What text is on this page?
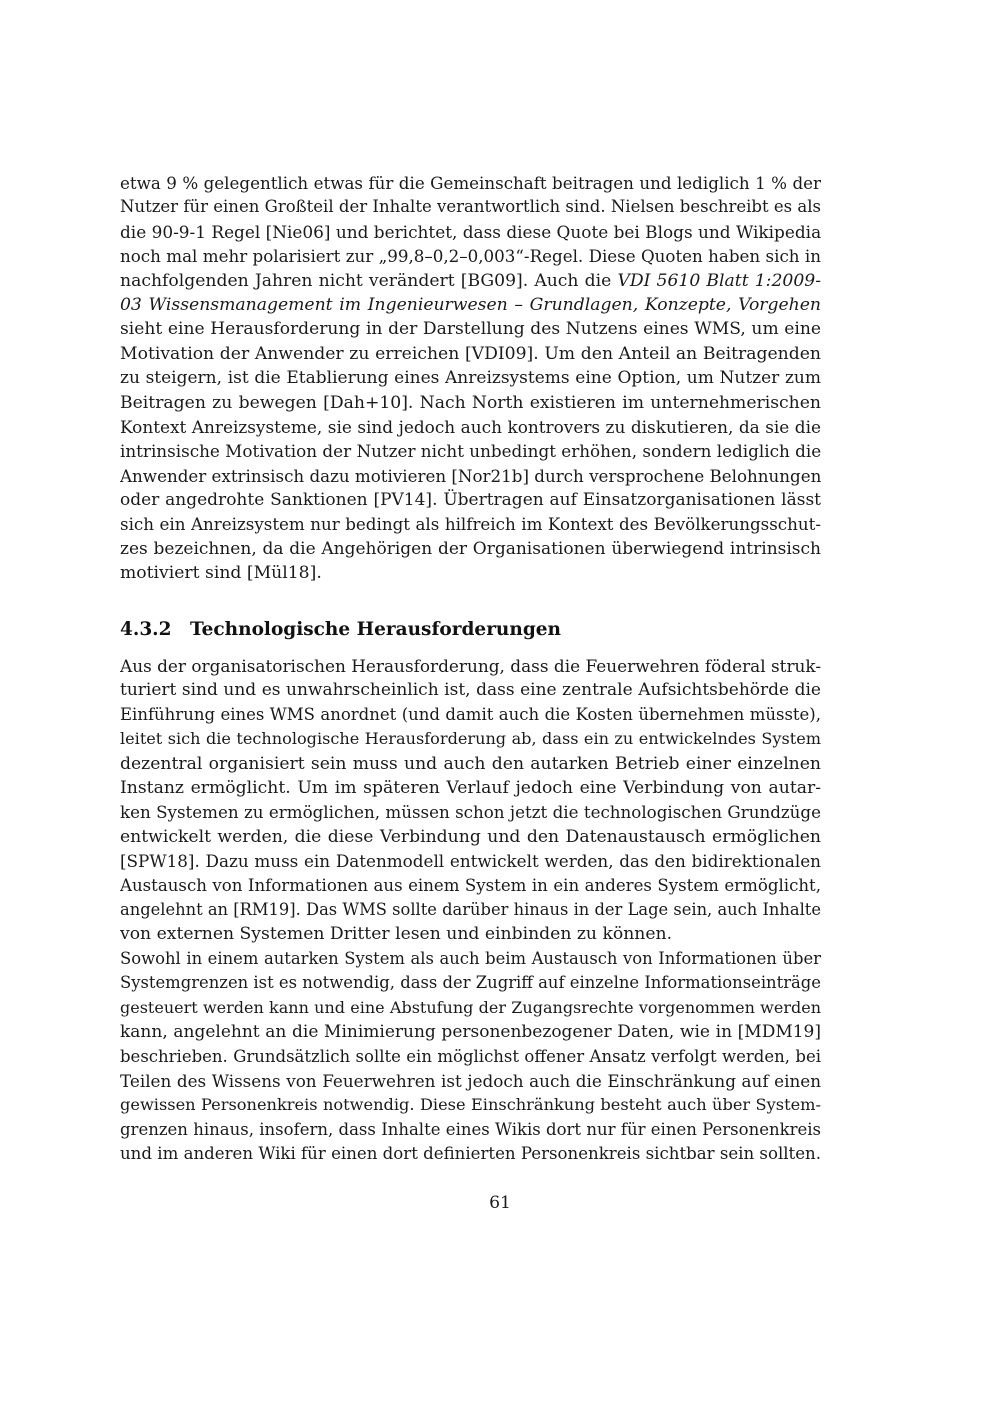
etwa 9 % gelegentlich etwas für die Gemeinschaft beitragen und lediglich 1 % der
Nutzer für einen Großteil der Inhalte verantwortlich sind. Nielsen beschreibt es als
die 90-9-1 Regel [Nie06] und berichtet, dass diese Quote bei Blogs und Wikipedia
noch mal mehr polarisiert zur „99,8–0,2–0,003“-Regel. Diese Quoten haben sich in
nachfolgenden Jahren nicht verändert [BG09]. Auch die VDI 5610 Blatt 1:2009-
03 Wissensmanagement im Ingenieurwesen – Grundlagen, Konzepte, Vorgehen
sieht eine Herausforderung in der Darstellung des Nutzens eines WMS, um eine
Motivation der Anwender zu erreichen [VDI09]. Um den Anteil an Beitragenden
zu steigern, ist die Etablierung eines Anreizsystems eine Option, um Nutzer zum
Beitragen zu bewegen [Dah+10]. Nach North existieren im unternehmerischen
Kontext Anreizsysteme, sie sind jedoch auch kontrovers zu diskutieren, da sie die
intrinsische Motivation der Nutzer nicht unbedingt erhöhen, sondern lediglich die
Anwender extrinsisch dazu motivieren [Nor21b] durch versprochene Belohnungen
oder angedrohte Sanktionen [PV14]. Übertragen auf Einsatzorganisationen lässt
sich ein Anreizsystem nur bedingt als hilfreich im Kontext des Bevölkerungsschut-
zes bezeichnen, da die Angehörigen der Organisationen überwiegend intrinsisch
motiviert sind [Mül18].
4.3.2 Technologische Herausforderungen
Aus der organisatorischen Herausforderung, dass die Feuerwehren föderal struk-
turiert sind und es unwahrscheinlich ist, dass eine zentrale Aufsichtsbehörde die
Einführung eines WMS anordnet (und damit auch die Kosten übernehmen müsste),
leitet sich die technologische Herausforderung ab, dass ein zu entwickelndes System
dezentral organisiert sein muss und auch den autarken Betrieb einer einzelnen
Instanz ermöglicht. Um im späteren Verlauf jedoch eine Verbindung von autar-
ken Systemen zu ermöglichen, müssen schon jetzt die technologischen Grundzüge
entwickelt werden, die diese Verbindung und den Datenaustausch ermöglichen
[SPW18]. Dazu muss ein Datenmodell entwickelt werden, das den bidirektionalen
Austausch von Informationen aus einem System in ein anderes System ermöglicht,
angelehnt an [RM19]. Das WMS sollte darüber hinaus in der Lage sein, auch Inhalte
von externen Systemen Dritter lesen und einbinden zu können.
Sowohl in einem autarken System als auch beim Austausch von Informationen über
Systemgrenzen ist es notwendig, dass der Zugriff auf einzelne Informationseinträge
gesteuert werden kann und eine Abstufung der Zugangsrechte vorgenommen werden
kann, angelehnt an die Minimierung personenbezogener Daten, wie in [MDM19]
beschrieben. Grundsätzlich sollte ein möglichst offener Ansatz verfolgt werden, bei
Teilen des Wissens von Feuerwehren ist jedoch auch die Einschränkung auf einen
gewissen Personenkreis notwendig. Diese Einschränkung besteht auch über System-
grenzen hinaus, insofern, dass Inhalte eines Wikis dort nur für einen Personenkreis
und im anderen Wiki für einen dort definierten Personenkreis sichtbar sein sollten.
61
